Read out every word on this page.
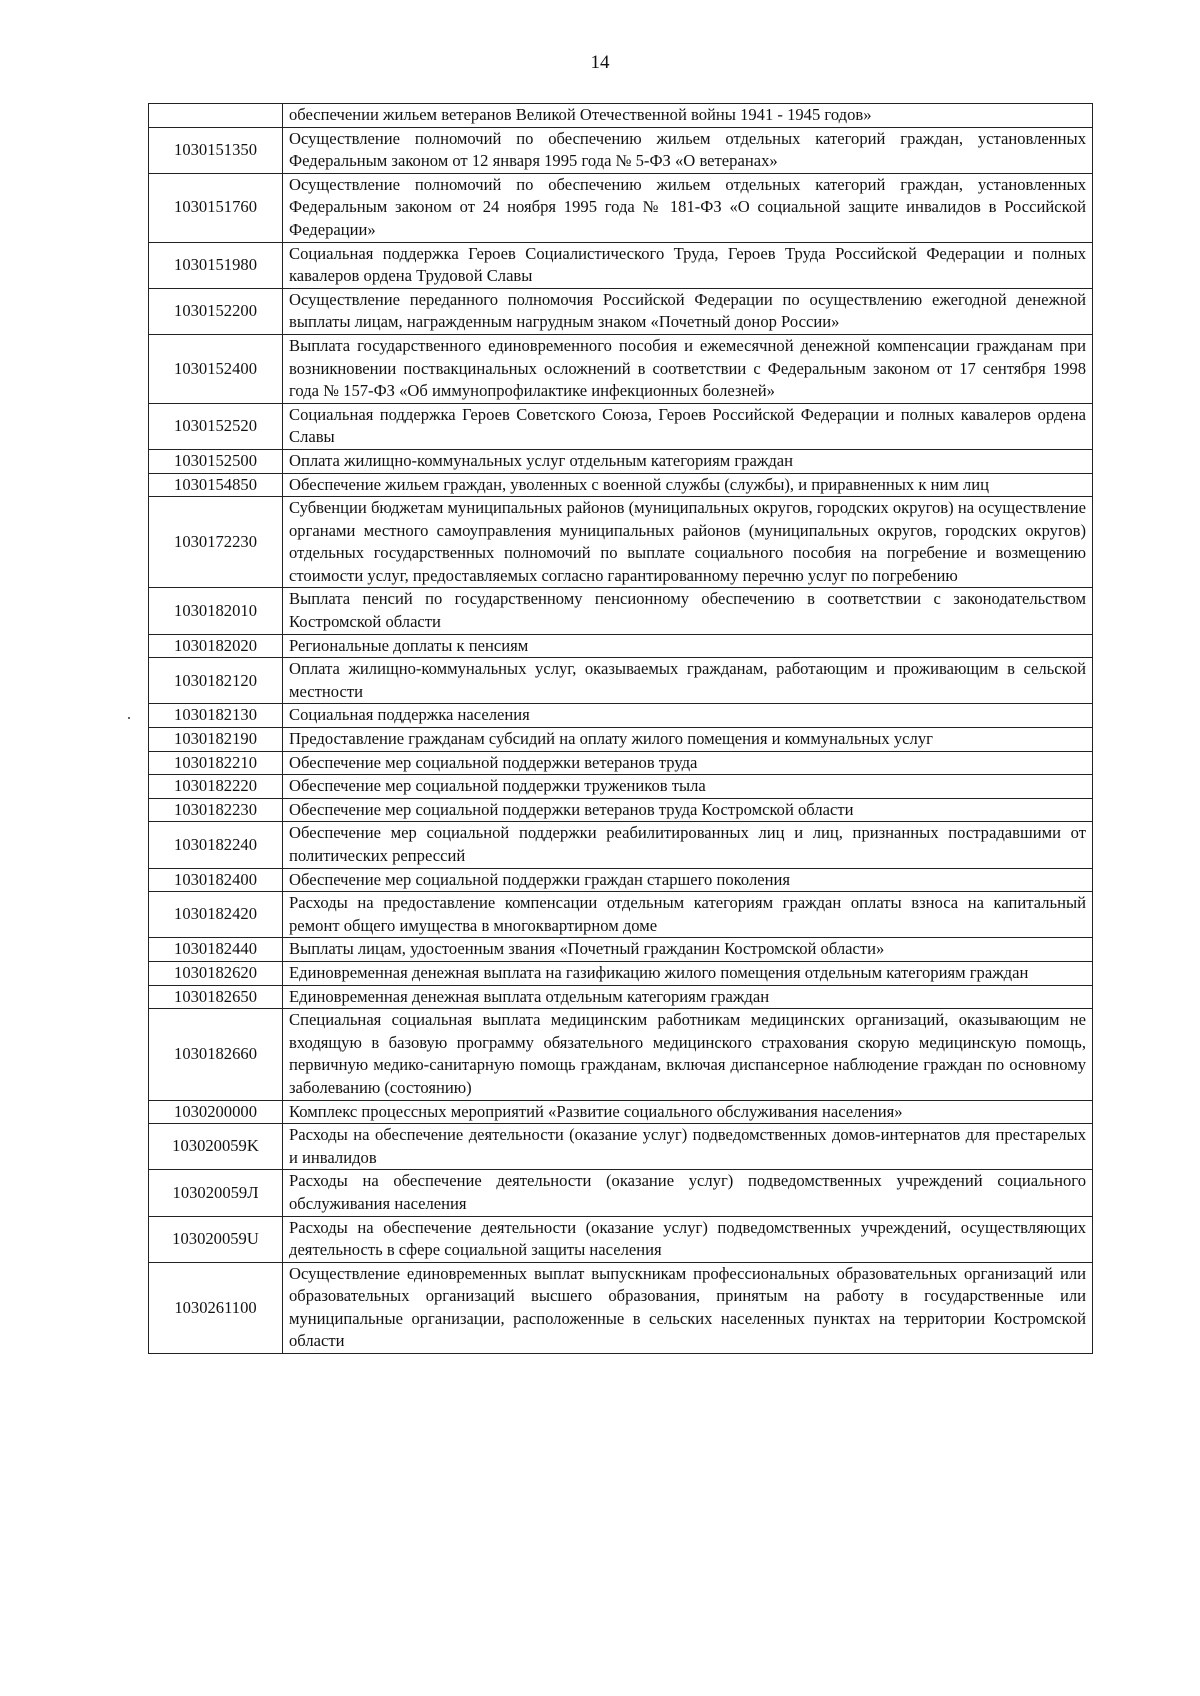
14
	обеспечении жильем ветеранов Великой Отечественной войны 1941 - 1945 годов»
1030151350	Осуществление полномочий по обеспечению жильем отдельных категорий граждан, установленных Федеральным законом от 12 января 1995 года № 5-ФЗ «О ветеранах»
1030151760	Осуществление полномочий по обеспечению жильем отдельных категорий граждан, установленных Федеральным законом от 24 ноября 1995 года № 181-ФЗ «О социальной защите инвалидов в Российской Федерации»
1030151980	Социальная поддержка Героев Социалистического Труда, Героев Труда Российской Федерации и полных кавалеров ордена Трудовой Славы
1030152200	Осуществление переданного полномочия Российской Федерации по осуществлению ежегодной денежной выплаты лицам, награжденным нагрудным знаком «Почетный донор России»
1030152400	Выплата государственного единовременного пособия и ежемесячной денежной компенсации гражданам при возникновении поствакцинальных осложнений в соответствии с Федеральным законом от 17 сентября 1998 года № 157-ФЗ «Об иммунопрофилактике инфекционных болезней»
1030152520	Социальная поддержка Героев Советского Союза, Героев Российской Федерации и полных кавалеров ордена Славы
1030152500	Оплата жилищно-коммунальных услуг отдельным категориям граждан
1030154850	Обеспечение жильем граждан, уволенных с военной службы (службы), и приравненных к ним лиц
1030172230	Субвенции бюджетам муниципальных районов (муниципальных округов, городских округов) на осуществление органами местного самоуправления муниципальных районов (муниципальных округов, городских округов) отдельных государственных полномочий по выплате социального пособия на погребение и возмещению стоимости услуг, предоставляемых согласно гарантированному перечню услуг по погребению
1030182010	Выплата пенсий по государственному пенсионному обеспечению в соответствии с законодательством Костромской области
1030182020	Региональные доплаты к пенсиям
1030182120	Оплата жилищно-коммунальных услуг, оказываемых гражданам, работающим и проживающим в сельской местности
1030182130	Социальная поддержка населения
1030182190	Предоставление гражданам субсидий на оплату жилого помещения и коммунальных услуг
1030182210	Обеспечение мер социальной поддержки ветеранов труда
1030182220	Обеспечение мер социальной поддержки тружеников тыла
1030182230	Обеспечение мер социальной поддержки ветеранов труда Костромской области
1030182240	Обеспечение мер социальной поддержки реабилитированных лиц и лиц, признанных пострадавшими от политических репрессий
1030182400	Обеспечение мер социальной поддержки граждан старшего поколения
1030182420	Расходы на предоставление компенсации отдельным категориям граждан оплаты взноса на капитальный ремонт общего имущества в многоквартирном доме
1030182440	Выплаты лицам, удостоенным звания «Почетный гражданин Костромской области»
1030182620	Единовременная денежная выплата на газификацию жилого помещения отдельным категориям граждан
1030182650	Единовременная денежная выплата отдельным категориям граждан
1030182660	Специальная социальная выплата медицинским работникам медицинских организаций, оказывающим не входящую в базовую программу обязательного медицинского страхования скорую медицинскую помощь, первичную медико-санитарную помощь гражданам, включая диспансерное наблюдение граждан по основному заболеванию (состоянию)
1030200000	Комплекс процессных мероприятий «Развитие социального обслуживания населения»
103020059K	Расходы на обеспечение деятельности (оказание услуг) подведомственных домов-интернатов для престарелых и инвалидов
103020059Л	Расходы на обеспечение деятельности (оказание услуг) подведомственных учреждений социального обслуживания населения
103020059U	Расходы на обеспечение деятельности (оказание услуг) подведомственных учреждений, осуществляющих деятельность в сфере социальной защиты населения
1030261100	Осуществление единовременных выплат выпускникам профессиональных образовательных организаций или образовательных организаций высшего образования, принятым на работу в государственные или муниципальные организации, расположенные в сельских населенных пунктах на территории Костромской области
